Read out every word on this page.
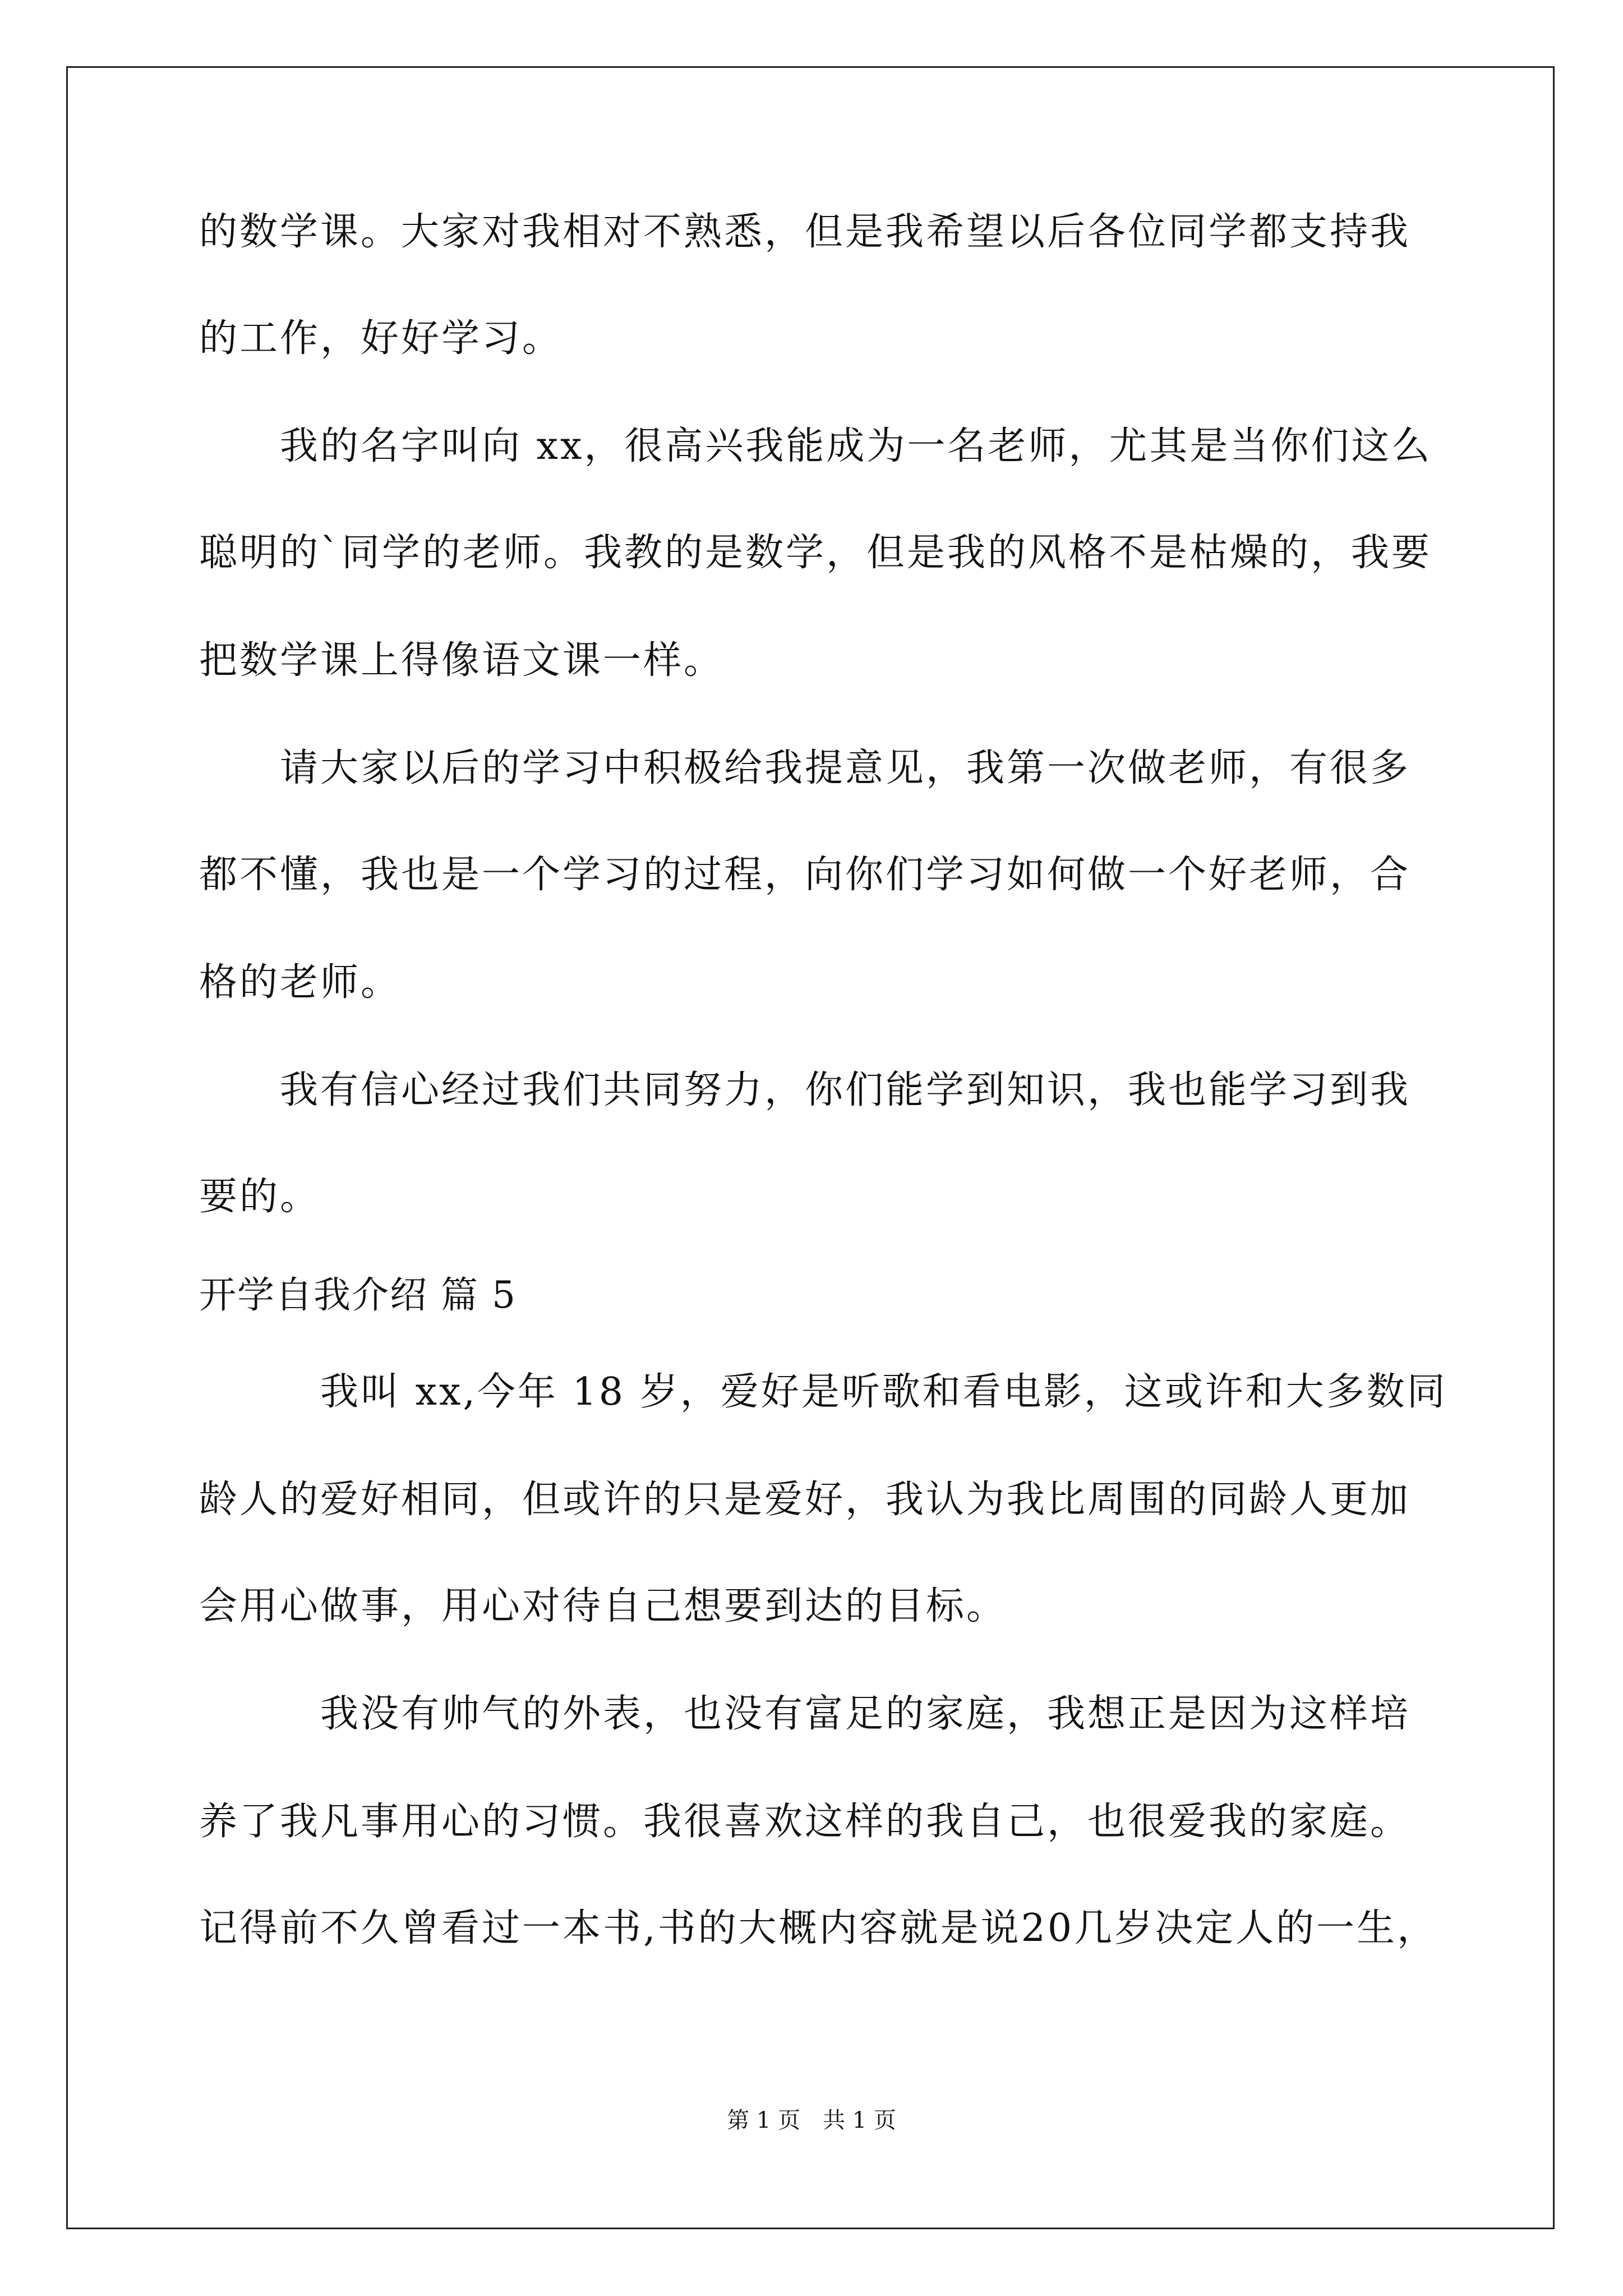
的数学课。大家对我相对不熟悉，但是我希望以后各位同学都支持我
的工作，好好学习。
　　我的名字叫向 xx，很高兴我能成为一名老师，尤其是当你们这么
聪明的`同学的老师。我教的是数学，但是我的风格不是枯燥的，我要
把数学课上得像语文课一样。
　　请大家以后的学习中积极给我提意见，我第一次做老师，有很多
都不懂，我也是一个学习的过程，向你们学习如何做一个好老师，合
格的老师。
　　我有信心经过我们共同努力，你们能学到知识，我也能学习到我
要的。
开学自我介绍 篇 5
　　　我叫 xx,今年 18 岁，爱好是听歌和看电影，这或许和大多数同
龄人的爱好相同，但或许的只是爱好，我认为我比周围的同龄人更加
会用心做事，用心对待自己想要到达的目标。
　　　我没有帅气的外表，也没有富足的家庭，我想正是因为这样培
养了我凡事用心的习惯。我很喜欢这样的我自己，也很爱我的家庭。
记得前不久曾看过一本书,书的大概内容就是说20几岁决定人的一生，
第 1 页　共 1 页
